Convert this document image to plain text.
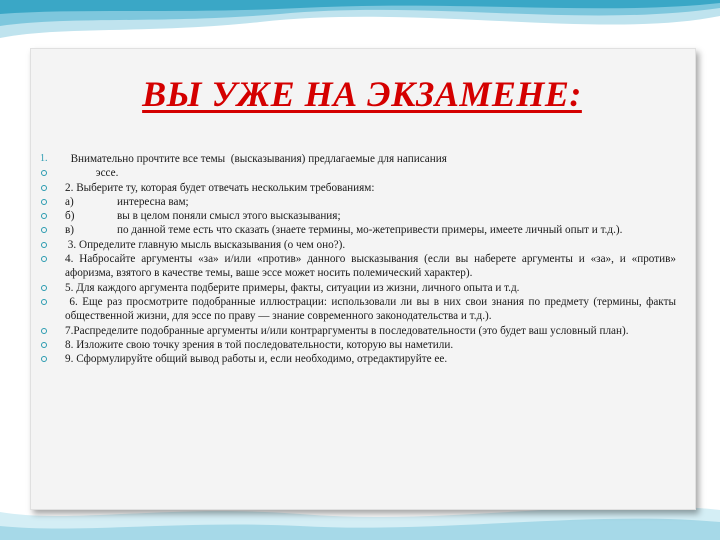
ВЫ УЖЕ НА ЭКЗАМЕНЕ:
1.	Внимательно прочтите все темы  (высказывания) предлагаемые для написания
эссе.
2. Выберите ту, которая будет отвечать нескольким требованиям:
а)	интересна вам;
б)	вы в целом поняли смысл этого высказывания;
в)	по данной теме есть что сказать (знаете термины, мо-жетепривести примеры, имеете личный опыт и т.д.).
3. Определите главную мысль высказывания (о чем оно?).
4. Набросайте аргументы «за» и/или «против» данного высказывания (если вы наберете аргументы и «за», и «против» афоризма, взятого в качестве темы, ваше эссе может носить полемический характер).
5. Для каждого аргумента подберите примеры, факты, ситуации из жизни, личного опыта и т.д.
6. Еще раз просмотрите подобранные иллюстрации: использовали ли вы в них свои знания по предмету (термины, факты общественной жизни, для эссе по праву — знание современного законодательства и т.д.).
7.Распределите подобранные аргументы и/или контраргументы в последовательности (это будет ваш условный план).
8. Изложите свою точку зрения в той последовательности, которую вы наметили.
9. Сформулируйте общий вывод работы и, если необходимо, отредактируйте ее.
